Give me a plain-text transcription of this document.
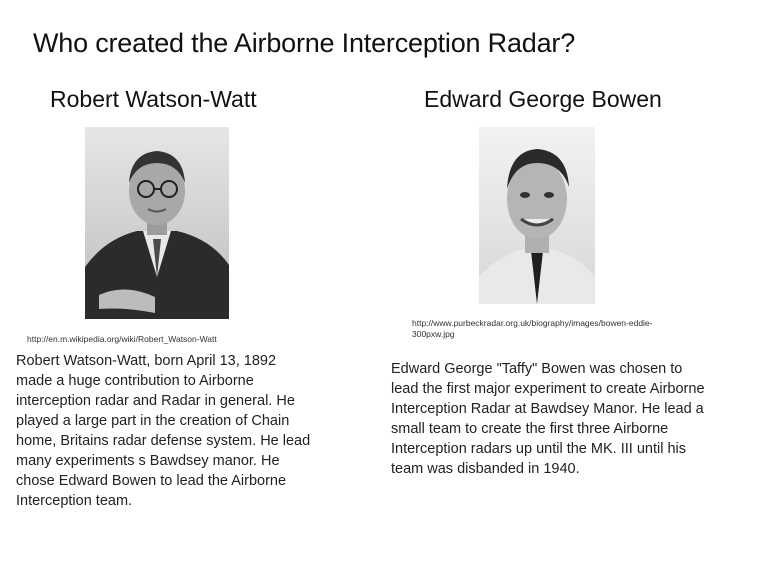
Who created the Airborne Interception Radar?
Robert Watson-Watt	Edward George Bowen
http://en.m.wikipedia.org/wiki/Robert_Watson-Watt
http://www.purbeckradar.org.uk/biography/images/bowen-eddie-300pxw.jpg
Robert Watson-Watt, born April 13, 1892 made a huge contribution to Airborne interception radar and Radar in general. He played a large part in the creation of Chain home, Britains radar defense system. He lead many experiments s Bawdsey manor. He chose Edward Bowen to lead the Airborne Interception team.
Edward George "Taffy" Bowen was chosen to lead the first major experiment to create Airborne Interception Radar at Bawdsey Manor. He lead a small team to create the first three Airborne Interception radars up until the MK. III until his team was disbanded in 1940.
